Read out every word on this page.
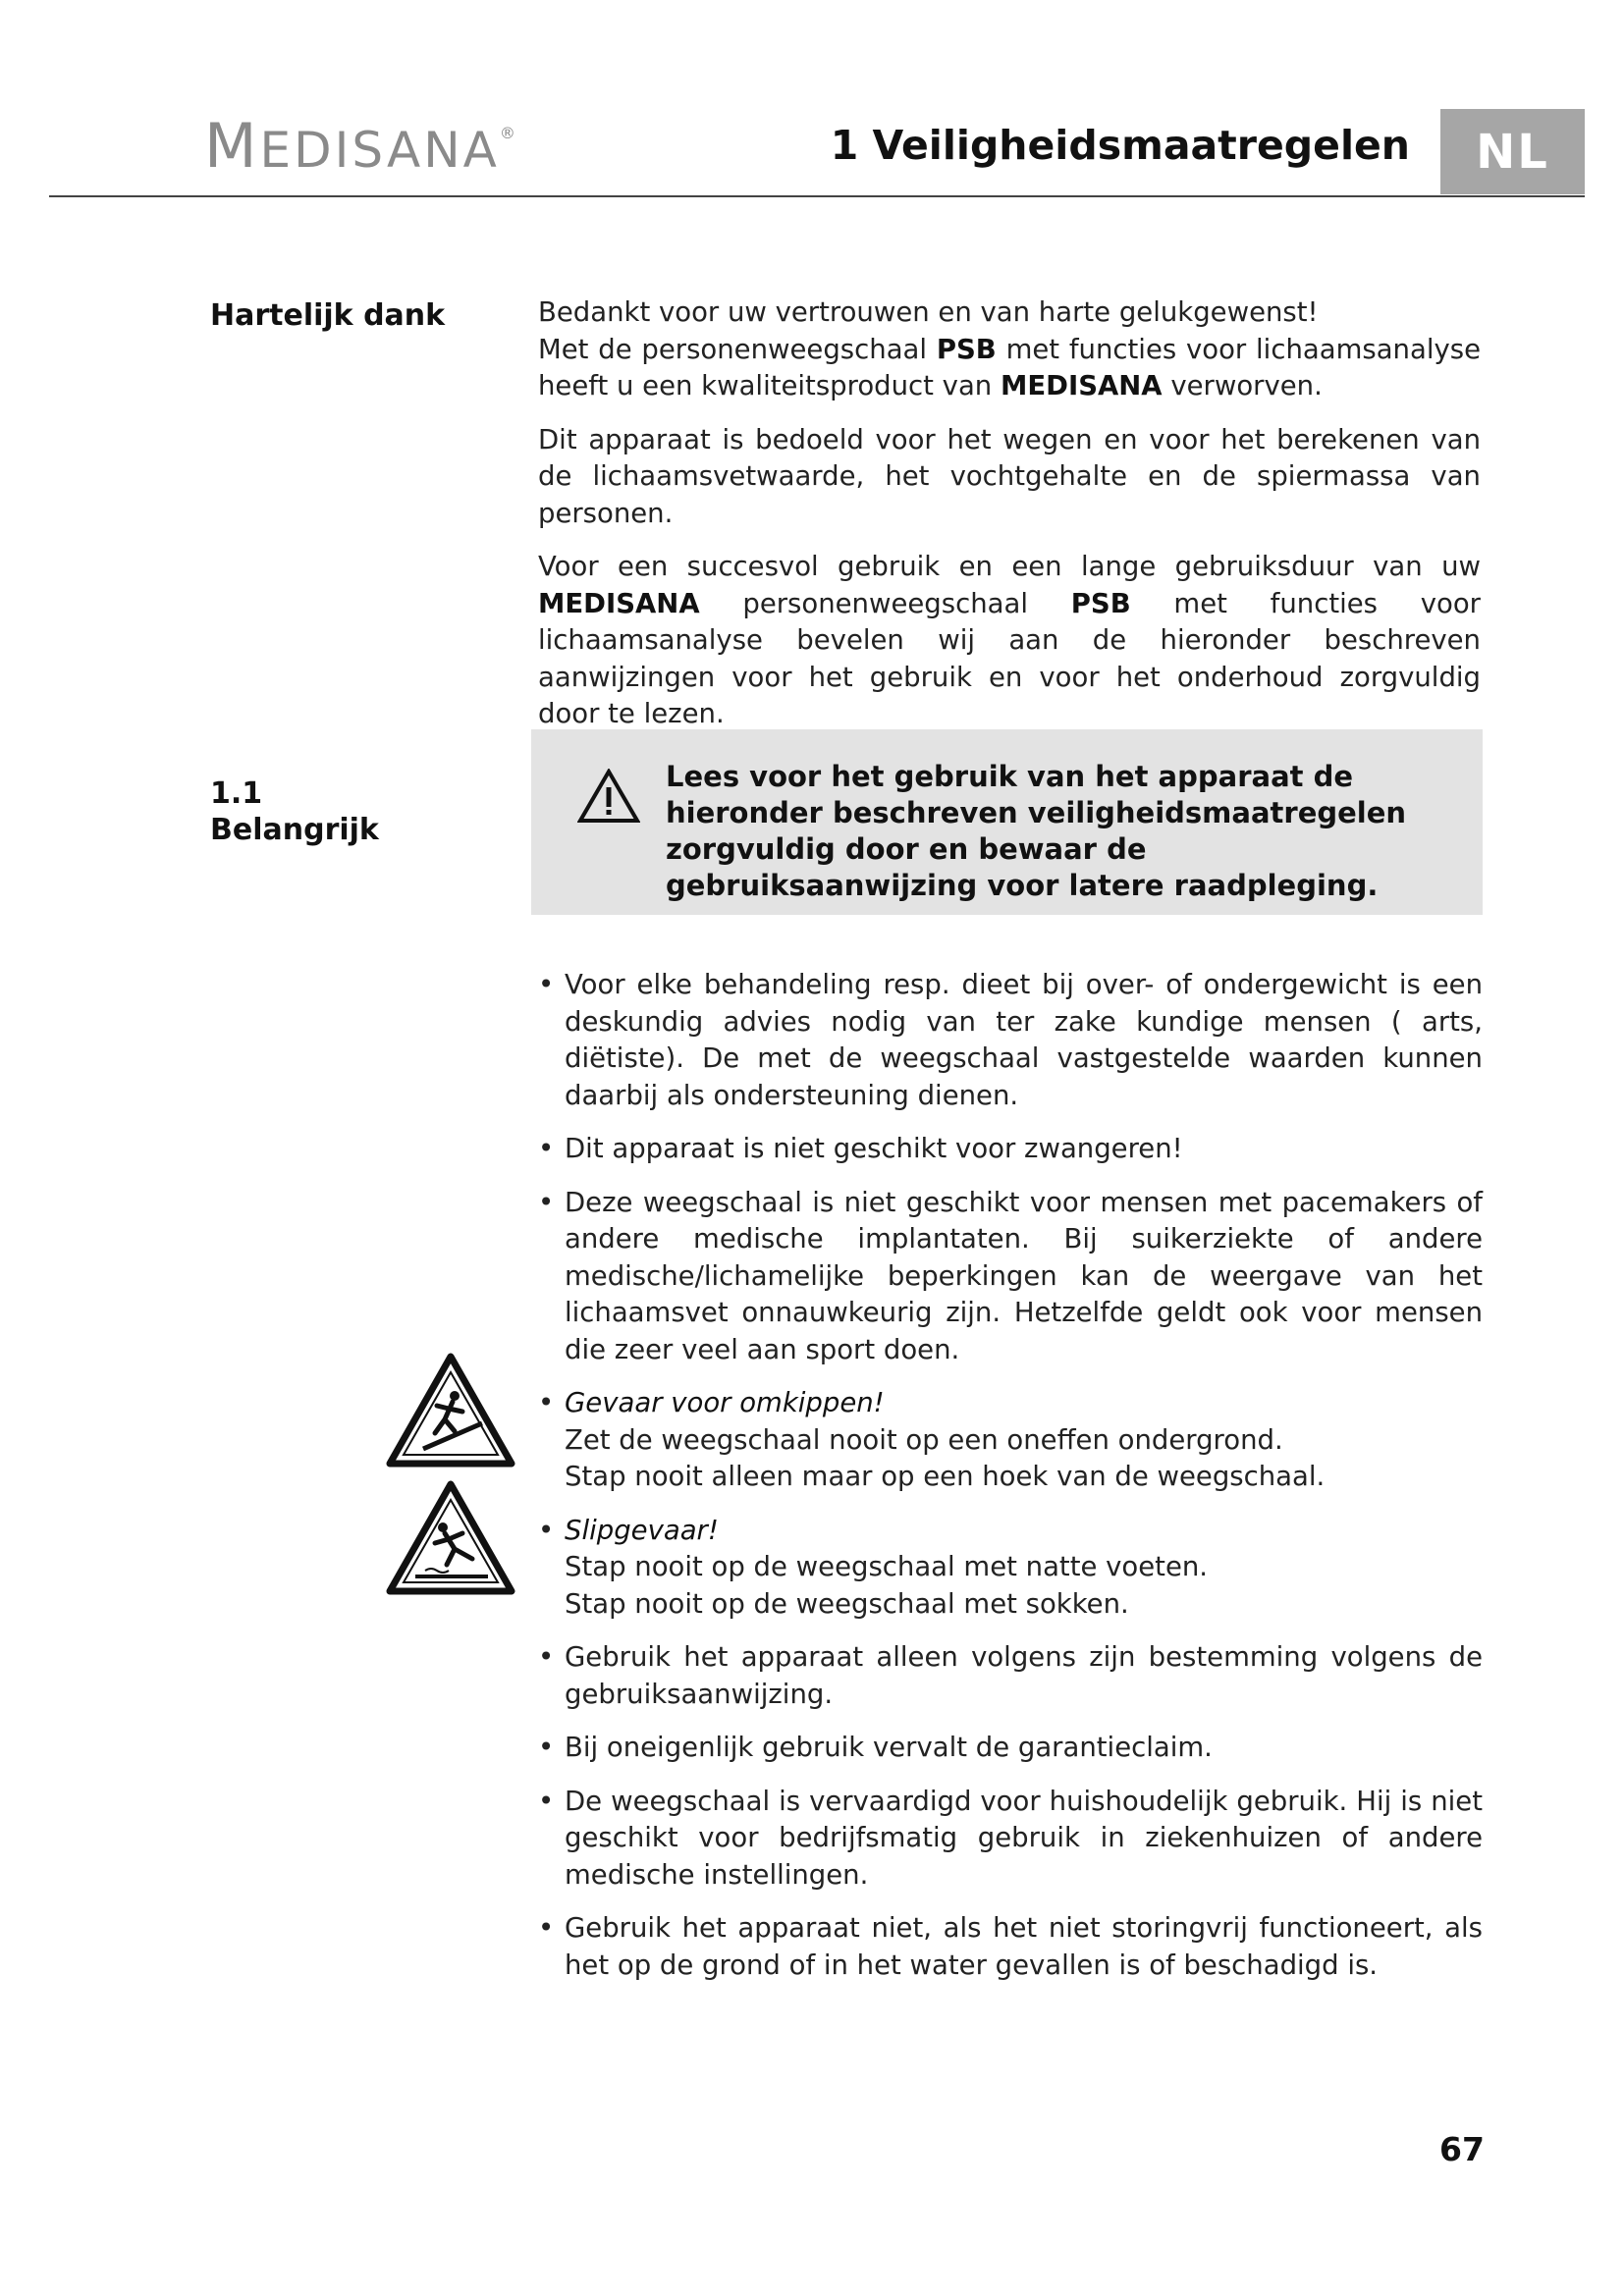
MEDISANA®	1 Veiligheidsmaatregelen	NL
Hartelijk dank	Bedankt voor uw vertrouwen en van harte gelukgewenst!
Met de personenweegschaal PSB met functies voor lichaamsanalyse heeft u een kwaliteitsproduct van MEDISANA verworven.

Dit apparaat is bedoeld voor het wegen en voor het berekenen van de lichaamsvetwaarde, het vochtgehalte en de spiermassa van personen.

Voor een succesvol gebruik en een lange gebruiksduur van uw MEDISANA personenweegschaal PSB met functies voor lichaamsanalyse bevelen wij aan de hieronder beschreven aanwijzingen voor het gebruik en voor het onderhoud zorgvuldig door te lezen.

1.1
Belangrijk
Lees voor het gebruik van het apparaat de hieronder beschreven veiligheidsmaatregelen zorgvuldig door en bewaar de gebruiksaanwijzing voor latere raadpleging.
• Voor elke behandeling resp. dieet bij over- of ondergewicht is een deskundig advies nodig van ter zake kundige mensen ( arts, diëtiste). De met de weegschaal vastgestelde waarden kunnen daarbij als ondersteuning dienen.
• Dit apparaat is niet geschikt voor zwangeren!
• Deze weegschaal is niet geschikt voor mensen met pacemakers of andere medische implantaten. Bij suikerziekte of andere medische/lichamelijke beperkingen kan de weergave van het lichaamsvet onnauwkeurig zijn. Hetzelfde geldt ook voor mensen die zeer veel aan sport doen.
• Gevaar voor omkippen!
Zet de weegschaal nooit op een oneffen ondergrond.
Stap nooit alleen maar op een hoek van de weegschaal.
• Slipgevaar!
Stap nooit op de weegschaal met natte voeten.
Stap nooit op de weegschaal met sokken.
• Gebruik het apparaat alleen volgens zijn bestemming volgens de gebruiksaanwijzing.
• Bij oneigenlijk gebruik vervalt de garantieclaim.
• De weegschaal is vervaardigd voor huishoudelijk gebruik. Hij is niet geschikt voor bedrijfsmatig gebruik in ziekenhuizen of andere medische instellingen.
• Gebruik het apparaat niet, als het niet storingvrij functioneert, als het op de grond of in het water gevallen is of beschadigd is.
67
